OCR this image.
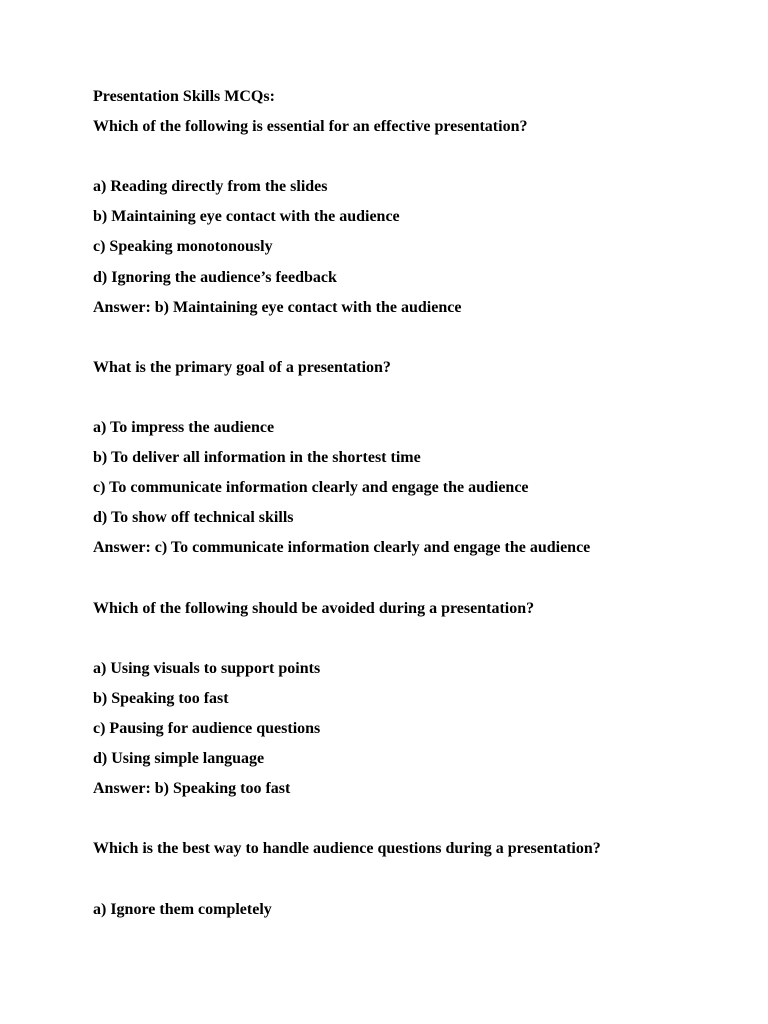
Presentation Skills MCQs:
Which of the following is essential for an effective presentation?
a) Reading directly from the slides
b) Maintaining eye contact with the audience
c) Speaking monotonously
d) Ignoring the audience’s feedback
Answer: b) Maintaining eye contact with the audience
What is the primary goal of a presentation?
a) To impress the audience
b) To deliver all information in the shortest time
c) To communicate information clearly and engage the audience
d) To show off technical skills
Answer: c) To communicate information clearly and engage the audience
Which of the following should be avoided during a presentation?
a) Using visuals to support points
b) Speaking too fast
c) Pausing for audience questions
d) Using simple language
Answer: b) Speaking too fast
Which is the best way to handle audience questions during a presentation?
a) Ignore them completely
